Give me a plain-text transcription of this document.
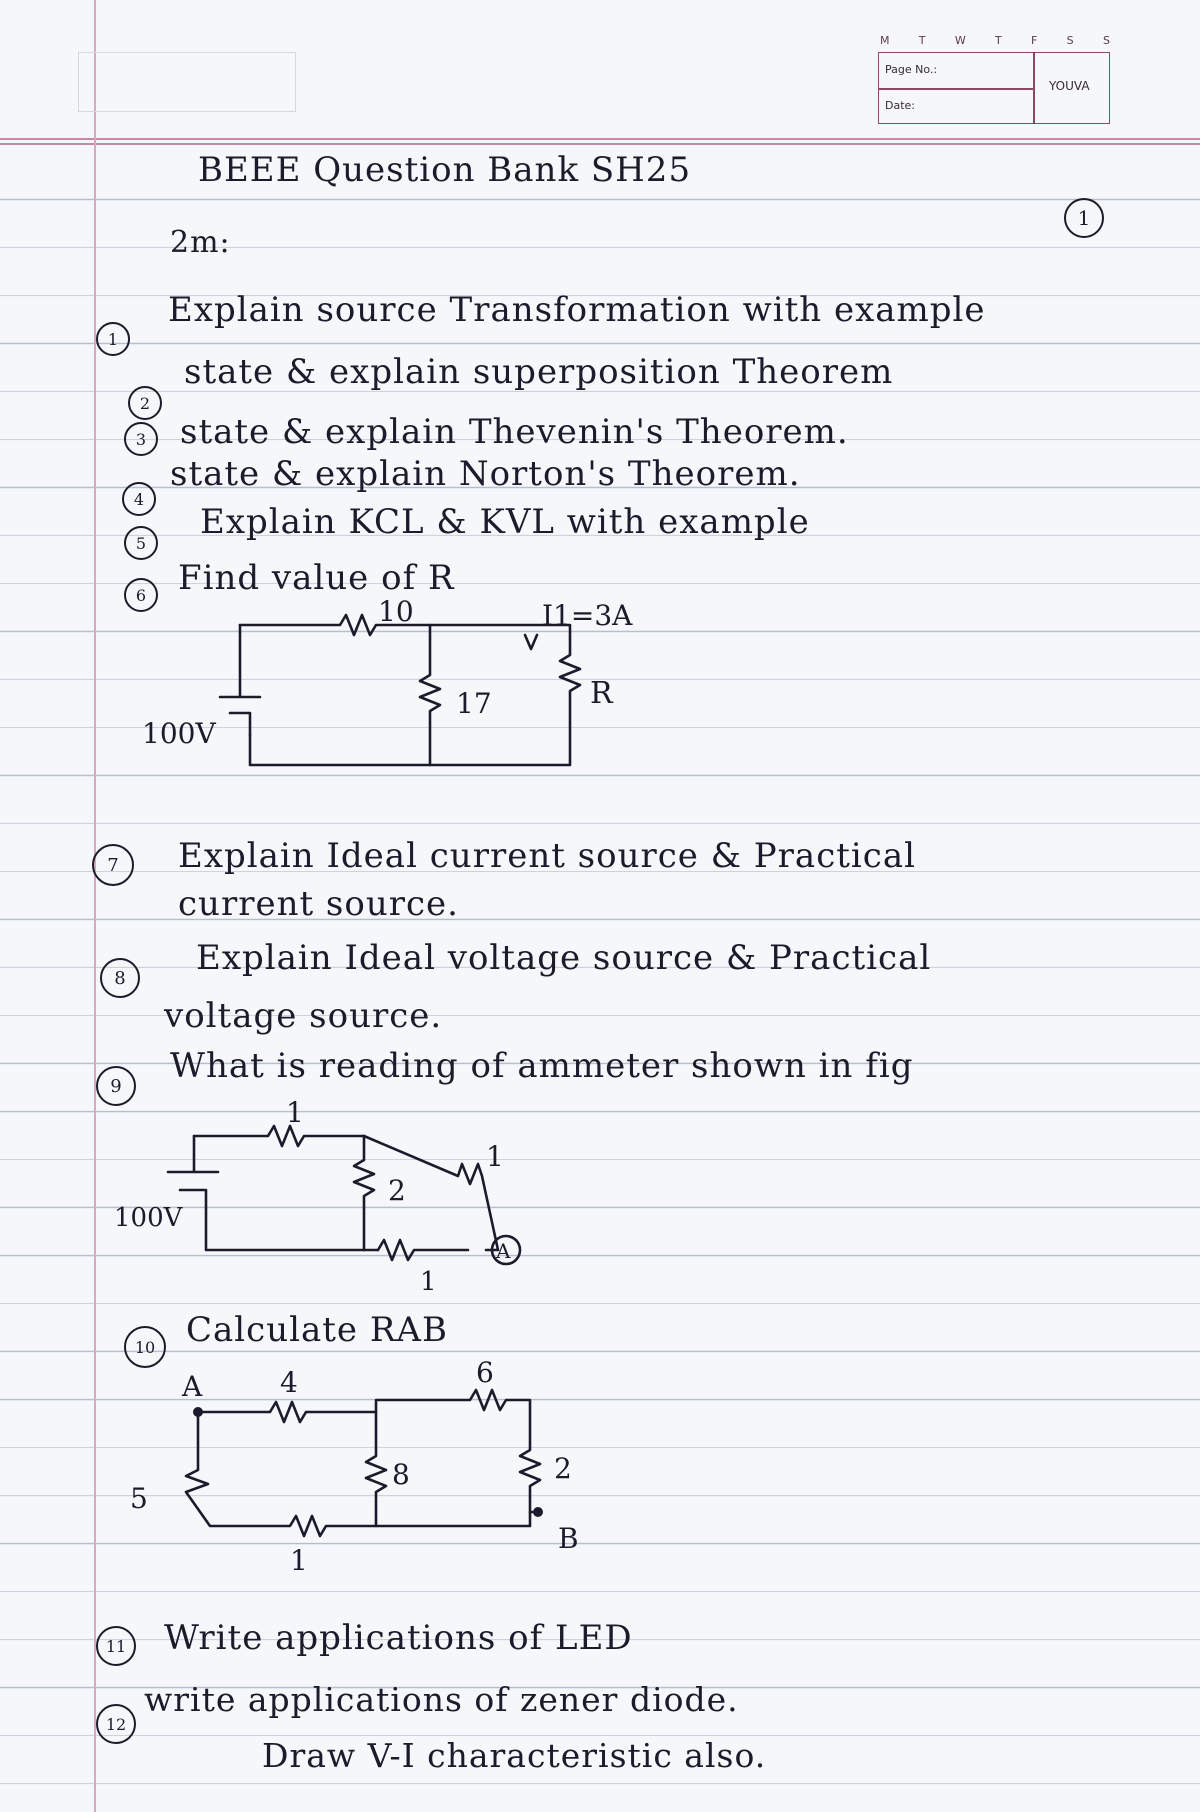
M	T	W	T	F	S	S
Page No.:
Date:
YOUVA
BEEE Question Bank SH25
1
2m:
1
Explain source Transformation with example
2
state & explain superposition Theorem
3 state & explain Thevenin's Theorem.
4
state & explain Norton's Theorem.
5
Explain KCL & KVL with example
6 Find value of R
10
17	R
I1=3A
100V
7	Explain Ideal current source & Practical
current source.
8	Explain Ideal voltage source & Practical
voltage source.
9	What is reading of ammeter shown in fig
A
1
2
1
1
100V
10 Calculate RAB
A
B
4	6
8	2
5
1
11 Write applications of LED
12
write applications of zener diode.
Draw V-I characteristic also.
